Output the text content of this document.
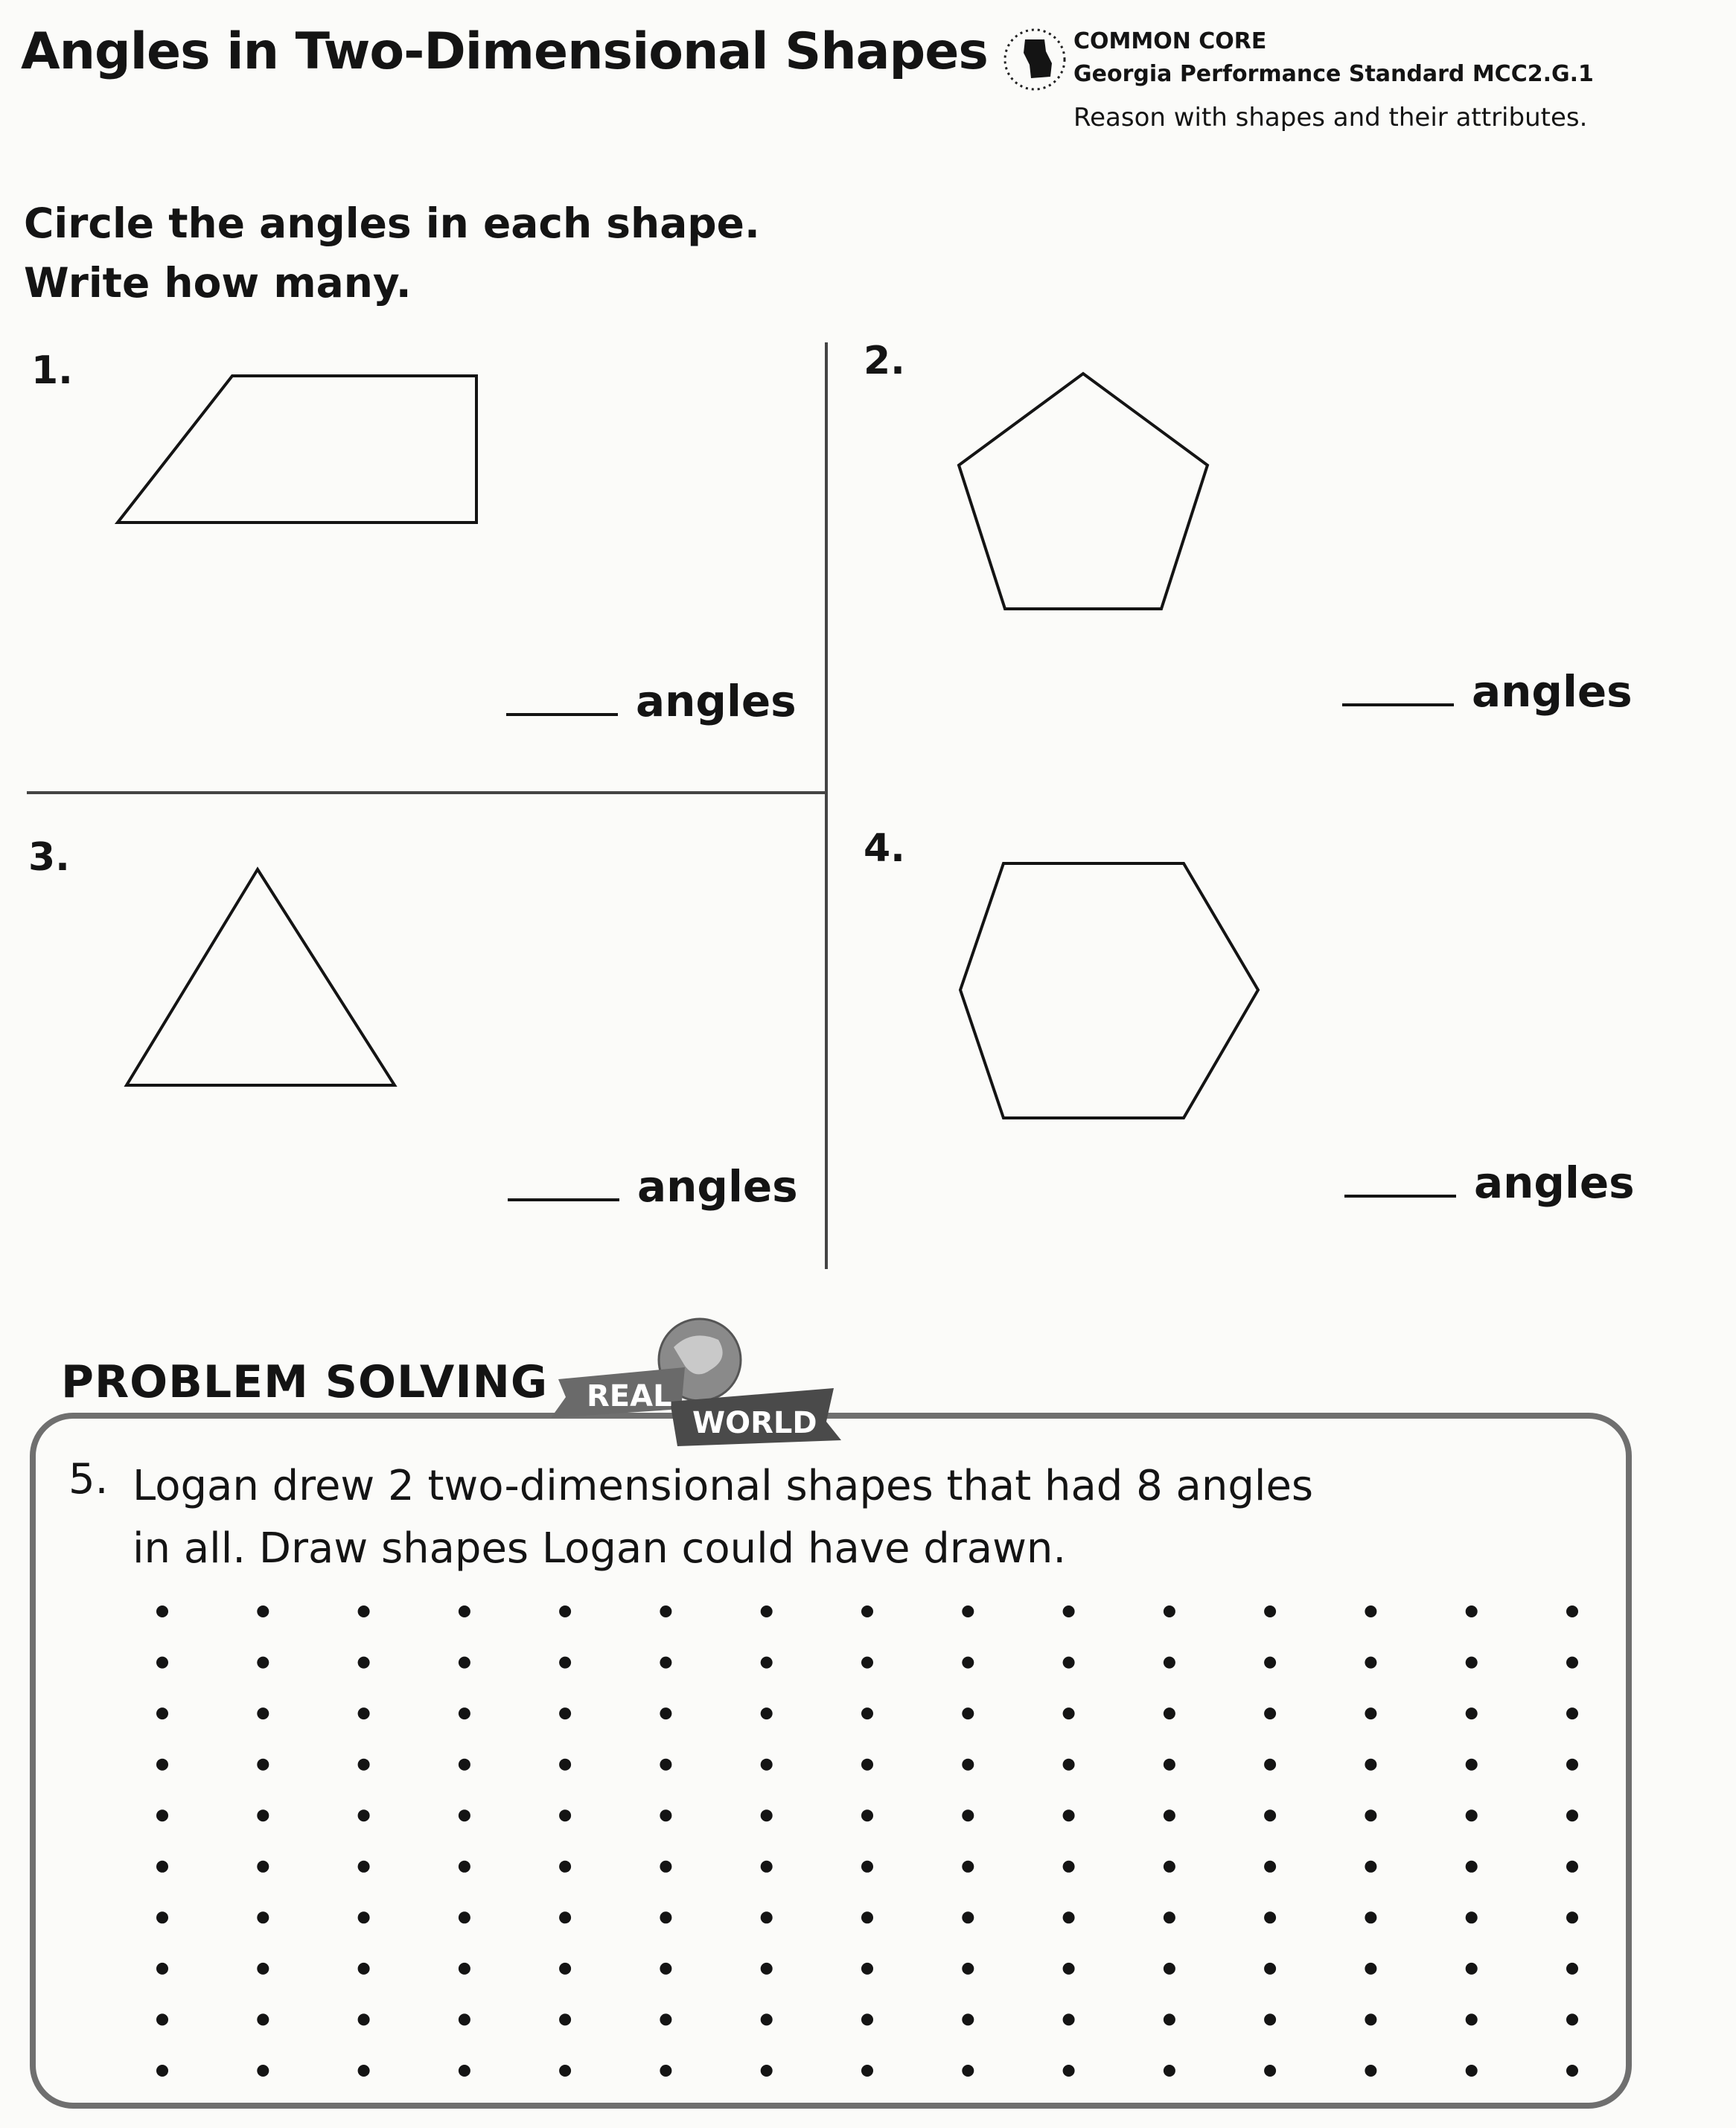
Angles in Two-Dimensional Shapes	COMMON CORE
Georgia Performance Standard MCC2.G.1
Reason with shapes and their attributes.
Circle the angles in each shape.
Write how many.
1.
angles
2.
angles
3.
angles
4.
angles
PROBLEM SOLVING REAL
WORLD
5. Logan drew 2 two-dimensional shapes that had 8 angles in all. Draw shapes Logan could have drawn.
